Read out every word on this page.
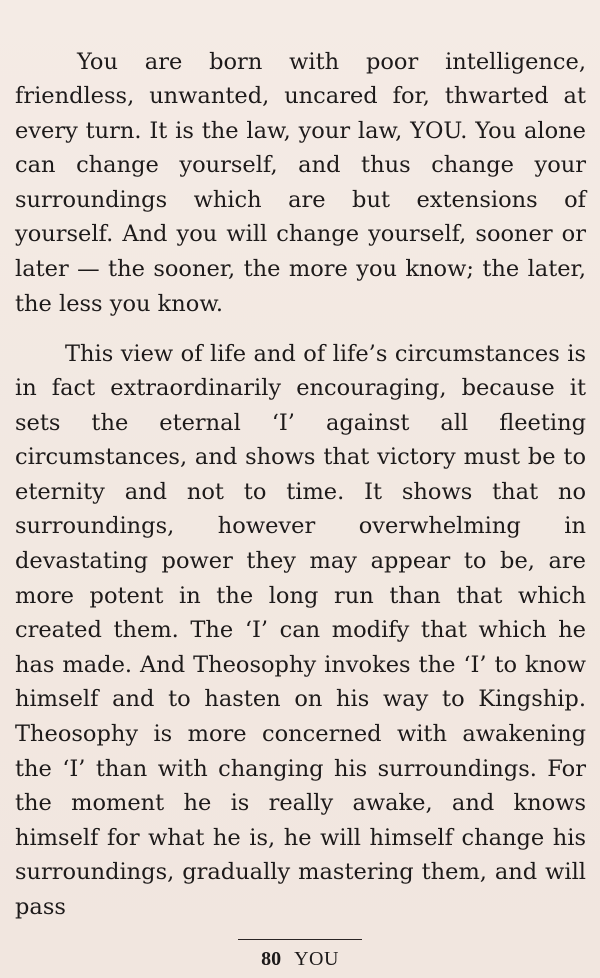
You are born with poor intelligence, friendless, unwanted, uncared for, thwarted at every turn. It is the law, your law, YOU. You alone can change yourself, and thus change your surroundings which are but extensions of yourself. And you will change yourself, sooner or later — the sooner, the more you know; the later, the less you know.

This view of life and of life’s circumstances is in fact extraordinarily encouraging, because it sets the eternal ‘I’ against all fleeting circumstances, and shows that victory must be to eternity and not to time. It shows that no surroundings, however overwhelming in devastating power they may appear to be, are more potent in the long run than that which created them. The ‘I’ can modify that which he has made. And Theosophy invokes the ‘I’ to know himself and to hasten on his way to Kingship. Theosophy is more concerned with awakening the ‘I’ than with changing his surroundings. For the moment he is really awake, and knows himself for what he is, he will himself change his surroundings, gradually mastering them, and will pass

80 YOU
